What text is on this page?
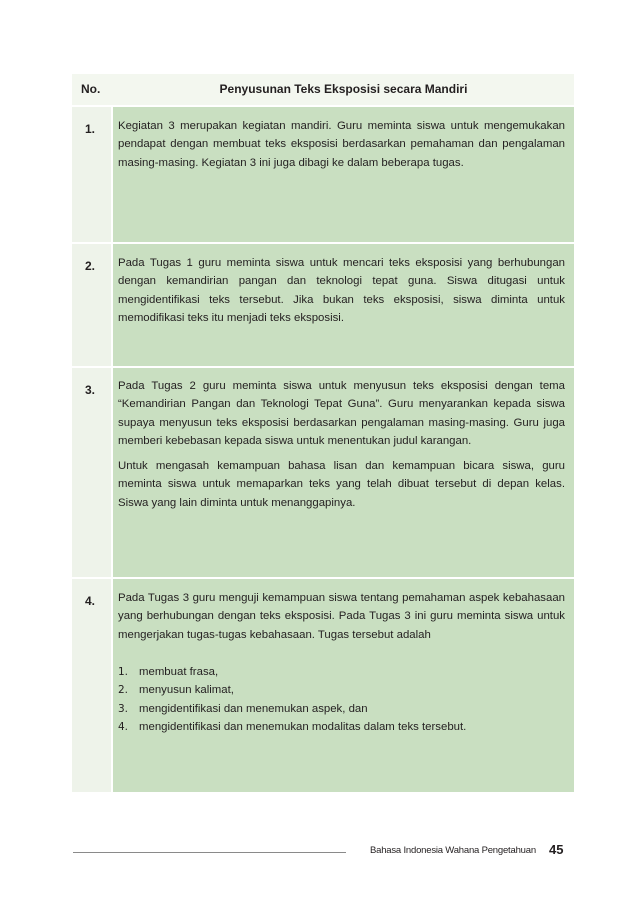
No.	Penyusunan Teks Eksposisi secara Mandiri
1. Kegiatan 3 merupakan kegiatan mandiri. Guru meminta siswa untuk mengemukakan pendapat dengan membuat teks eksposisi berdasarkan pemahaman dan pengalaman masing-masing. Kegiatan 3 ini juga dibagi ke dalam beberapa tugas.

2. Pada Tugas 1 guru meminta siswa untuk mencari teks eksposisi yang berhubungan dengan kemandirian pangan dan teknologi tepat guna. Siswa ditugasi untuk mengidentifikasi teks tersebut. Jika bukan teks eksposisi, siswa diminta untuk memodifikasi teks itu menjadi teks eksposisi.

3. Pada Tugas 2 guru meminta siswa untuk menyusun teks eksposisi dengan tema “Kemandirian Pangan dan Teknologi Tepat Guna”. Guru menyarankan kepada siswa supaya menyusun teks eksposisi berdasarkan pengalaman masing-masing. Guru juga memberi kebebasan kepada siswa untuk menentukan judul karangan.

Untuk mengasah kemampuan bahasa lisan dan kemampuan bicara siswa, guru meminta siswa untuk memaparkan teks yang telah dibuat tersebut di depan kelas. Siswa yang lain diminta untuk menanggapinya.

4. Pada Tugas 3 guru menguji kemampuan siswa tentang pemahaman aspek kebahasaan yang berhubungan dengan teks eksposisi. Pada Tugas 3 ini guru meminta siswa untuk mengerjakan tugas-tugas kebahasaan. Tugas tersebut adalah

1. membuat frasa,
2. menyusun kalimat,
3. mengidentifikasi dan menemukan aspek, dan
4. mengidentifikasi dan menemukan modalitas dalam teks tersebut.
Bahasa Indonesia Wahana Pengetahuan 45
